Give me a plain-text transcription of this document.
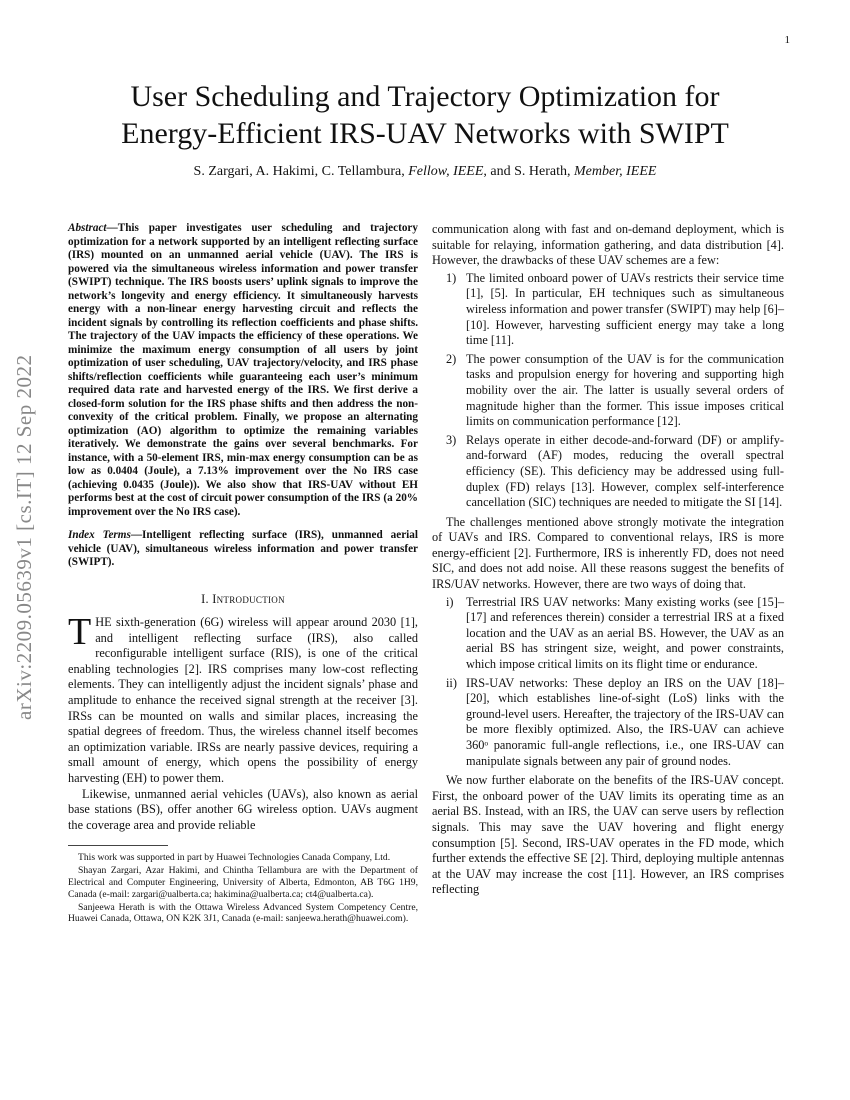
1
User Scheduling and Trajectory Optimization for
Energy-Efficient IRS-UAV Networks with SWIPT
S. Zargari, A. Hakimi, C. Tellambura, Fellow, IEEE, and S. Herath, Member, IEEE
arXiv:2209.05639v1 [cs.IT] 12 Sep 2022

Abstract—This paper investigates user scheduling and trajectory optimization for a network supported by an intelligent reflecting surface (IRS) mounted on an unmanned aerial vehicle (UAV). The IRS is powered via the simultaneous wireless information and power transfer (SWIPT) technique. The IRS boosts users’ uplink signals to improve the network’s longevity and energy efficiency. It simultaneously harvests energy with a non-linear energy harvesting circuit and reflects the incident signals by controlling its reflection coefficients and phase shifts. The trajectory of the UAV impacts the efficiency of these operations. We minimize the maximum energy consumption of all users by joint optimization of user scheduling, UAV trajectory/velocity, and IRS phase shifts/reflection coefficients while guaranteeing each user’s minimum required data rate and harvested energy of the IRS. We first derive a closed-form solution for the IRS phase shifts and then address the non-convexity of the critical problem. Finally, we propose an alternating optimization (AO) algorithm to optimize the remaining variables iteratively. We demonstrate the gains over several benchmarks. For instance, with a 50-element IRS, min-max energy consumption can be as low as 0.0404 (Joule), a 7.13% improvement over the No IRS case (achieving 0.0435 (Joule)). We also show that IRS-UAV without EH performs best at the cost of circuit power consumption of the IRS (a 20% improvement over the No IRS case).

Index Terms—Intelligent reflecting surface (IRS), unmanned aerial vehicle (UAV), simultaneous wireless information and power transfer (SWIPT).

I. Introduction

THE sixth-generation (6G) wireless will appear around 2030 [1], and intelligent reflecting surface (IRS), also called reconfigurable intelligent surface (RIS), is one of the critical enabling technologies [2]. IRS comprises many low-cost reflecting elements. They can intelligently adjust the incident signals’ phase and amplitude to enhance the received signal strength at the receiver [3]. IRSs can be mounted on walls and similar places, increasing the spatial degrees of freedom. Thus, the wireless channel itself becomes an optimization variable. IRSs are nearly passive devices, requiring a small amount of energy, which opens the possibility of energy harvesting (EH) to power them.

Likewise, unmanned aerial vehicles (UAVs), also known as aerial base stations (BS), offer another 6G wireless option. UAVs augment the coverage area and provide reliable

This work was supported in part by Huawei Technologies Canada Company, Ltd.

Shayan Zargari, Azar Hakimi, and Chintha Tellambura are with the Department of Electrical and Computer Engineering, University of Alberta, Edmonton, AB T6G 1H9, Canada (e-mail: zargari@ualberta.ca; hakimina@ualberta.ca; ct4@ualberta.ca).

Sanjeewa Herath is with the Ottawa Wireless Advanced System Competency Centre, Huawei Canada, Ottawa, ON K2K 3J1, Canada (e-mail: sanjeewa.herath@huawei.com).

communication along with fast and on-demand deployment, which is suitable for relaying, information gathering, and data distribution [4]. However, the drawbacks of these UAV schemes are a few:

1) The limited onboard power of UAVs restricts their service time [1], [5]. In particular, EH techniques such as simultaneous wireless information and power transfer (SWIPT) may help [6]–[10]. However, harvesting sufficient energy may take a long time [11].
2) The power consumption of the UAV is for the communication tasks and propulsion energy for hovering and supporting high mobility over the air. The latter is usually several orders of magnitude higher than the former. This issue imposes critical limits on communication performance [12].
3) Relays operate in either decode-and-forward (DF) or amplify-and-forward (AF) modes, reducing the overall spectral efficiency (SE). This deficiency may be addressed using full-duplex (FD) relays [13]. However, complex self-interference cancellation (SIC) techniques are needed to mitigate the SI [14].

The challenges mentioned above strongly motivate the integration of UAVs and IRS. Compared to conventional relays, IRS is more energy-efficient [2]. Furthermore, IRS is inherently FD, does not need SIC, and does not add noise. All these reasons suggest the benefits of IRS/UAV networks. However, there are two ways of doing that.

i) Terrestrial IRS UAV networks: Many existing works (see [15]–[17] and references therein) consider a terrestrial IRS at a fixed location and the UAV as an aerial BS. However, the UAV as an aerial BS has stringent size, weight, and power constraints, which impose critical limits on its flight time or endurance.
ii) IRS-UAV networks: These deploy an IRS on the UAV [18]–[20], which establishes line-of-sight (LoS) links with the ground-level users. Hereafter, the trajectory of the IRS-UAV can be more flexibly optimized. Also, the IRS-UAV can achieve 360ᵒ panoramic full-angle reflections, i.e., one IRS-UAV can manipulate signals between any pair of ground nodes.

We now further elaborate on the benefits of the IRS-UAV concept. First, the onboard power of the UAV limits its operating time as an aerial BS. Instead, with an IRS, the UAV can serve users by reflection signals. This may save the UAV hovering and flight energy consumption [5]. Second, IRS-UAV operates in the FD mode, which further extends the effective SE [2]. Third, deploying multiple antennas at the UAV may increase the cost [11]. However, an IRS comprises reflecting
